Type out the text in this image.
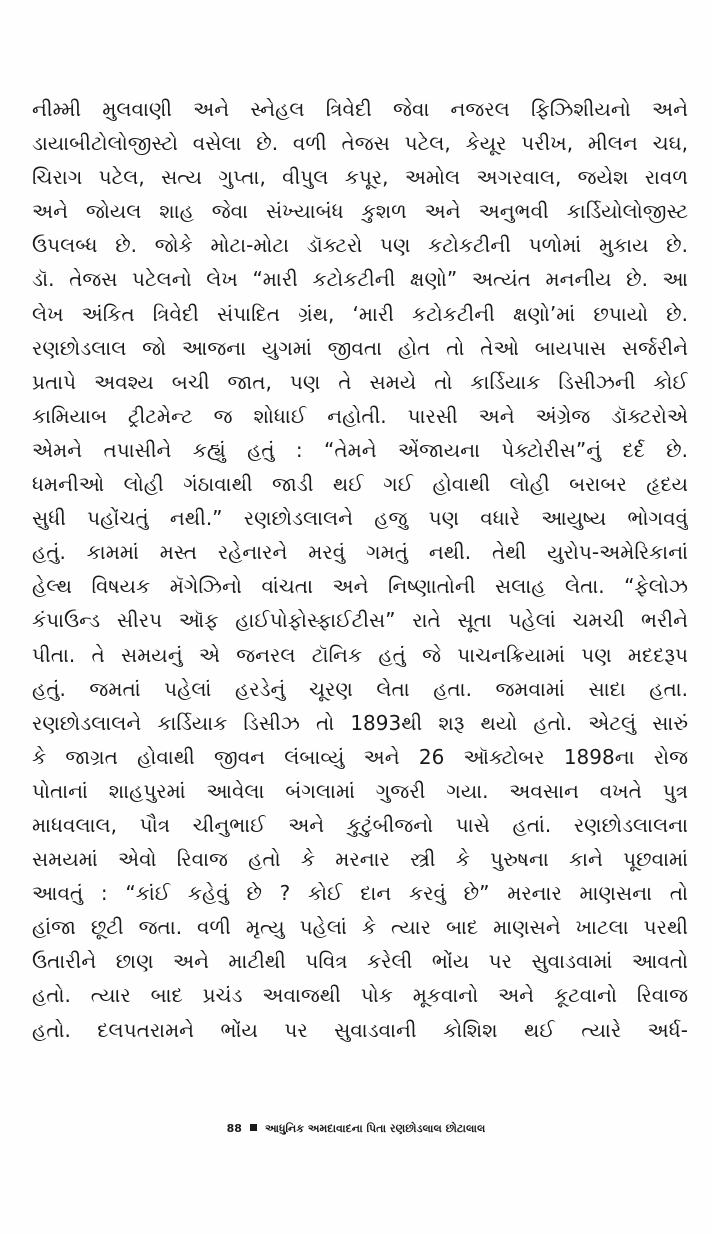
નીમ્મી મુલવાણી અને સ્નેહલ ત્રિવેદી જેવા નજરલ ફિઝિશીયનો અને
ડાયાબીટોલોજીસ્ટો વસેલા છે. વળી તેજસ પટેલ, કેયૂર પરીખ, મીલન ચઘ,
ચિરાગ પટેલ, સત્ય ગુપ્તા, વીપુલ કપૂર, અમોલ અગરવાલ, જયેશ રાવળ
અને જોયલ શાહ જેવા સંખ્યાબંધ કુશળ અને અનુભવી કાર્ડિયોલોજીસ્ટ
ઉપલબ્ધ છે. જોકે મોટા-મોટા ડૉક્ટરો પણ કટોકટીની પળોમાં મુકાય છે.
ડૉ. તેજસ પટેલનો લેખ “મારી કટોકટીની ક્ષણો” અત્યંત મનનીય છે. આ
લેખ અંકિત ત્રિવેદી સંપાદિત ગ્રંથ, ‘મારી કટોકટીની ક્ષણો’માં છપાયો છે.
રણછોડલાલ જો આજના યુગમાં જીવતા હોત તો તેઓ બાયપાસ સર્જરીને
પ્રતાપે અવશ્ય બચી જાત, પણ તે સમયે તો કાર્ડિયાક ડિસીઝની કોઈ
કામિયાબ ટ્રીટમેન્ટ જ શોધાઈ નહોતી. પારસી અને અંગ્રેજ ડૉક્ટરોએ
એમને તપાસીને કહ્યું હતું : “તેમને એંજાયના પેક્ટોરીસ”નું દર્દ છે.
ધમનીઓ લોહી ગંઠાવાથી જાડી થઈ ગઈ હોવાથી લોહી બરાબર હૃદય
સુધી પહોંચતું નથી.” રણછોડલાલને હજુ પણ વધારે આયુષ્ય ભોગવવું
હતું. કામમાં મસ્ત રહેનારને મરવું ગમતું નથી. તેથી યુરોપ-અમેરિકાનાં
હેલ્થ વિષયક મૅગેઝિનો વાંચતા અને નિષ્ણાતોની સલાહ લેતા. “ફેલોઝ
કંપાઉન્ડ સીરપ ઑફ હાઈપોફોસ્ફાઈટીસ” રાતે સૂતા પહેલાં ચમચી ભરીને
પીતા. તે સમયનું એ જનરલ ટૉનિક હતું જે પાચનક્રિયામાં પણ મદદરૂપ
હતું. જમતાં પહેલાં હરડેનું ચૂરણ લેતા હતા. જમવામાં સાદા હતા.
રણછોડલાલને કાર્ડિયાક ડિસીઝ તો 1893થી શરૂ થયો હતો. એટલું સારું
કે જાગ્રત હોવાથી જીવન લંબાવ્યું અને 26 ઑક્ટોબર 1898ના રોજ
પોતાનાં શાહપુરમાં આવેલા બંગલામાં ગુજરી ગયા. અવસાન વખતે પુત્ર
માધવલાલ, પૌત્ર ચીનુભાઈ અને કુટુંબીજનો પાસે હતાં. રણછોડલાલના
સમયમાં એવો રિવાજ હતો કે મરનાર સ્ત્રી કે પુરુષના કાને પૂછવામાં
આવતું : “કાંઈ કહેવું છે ? કોઈ દાન કરવું છે” મરનાર માણસના તો
હાંજા છૂટી જતા. વળી મૃત્યુ પહેલાં કે ત્યાર બાદ માણસને ખાટલા પરથી
ઉતારીને છાણ અને માટીથી પવિત્ર કરેલી ભોંય પર સુવાડવામાં આવતો
હતો. ત્યાર બાદ પ્રચંડ અવાજથી પોક મૂકવાનો અને કૂટવાનો રિવાજ
હતો. દલપતરામને ભોંય પર સુવાડવાની કોશિશ થઈ ત્યારે અર્ધ-
88 આધુનિક અમદાવાદના પિતા રણછોડલાલ છોટાલાલ
